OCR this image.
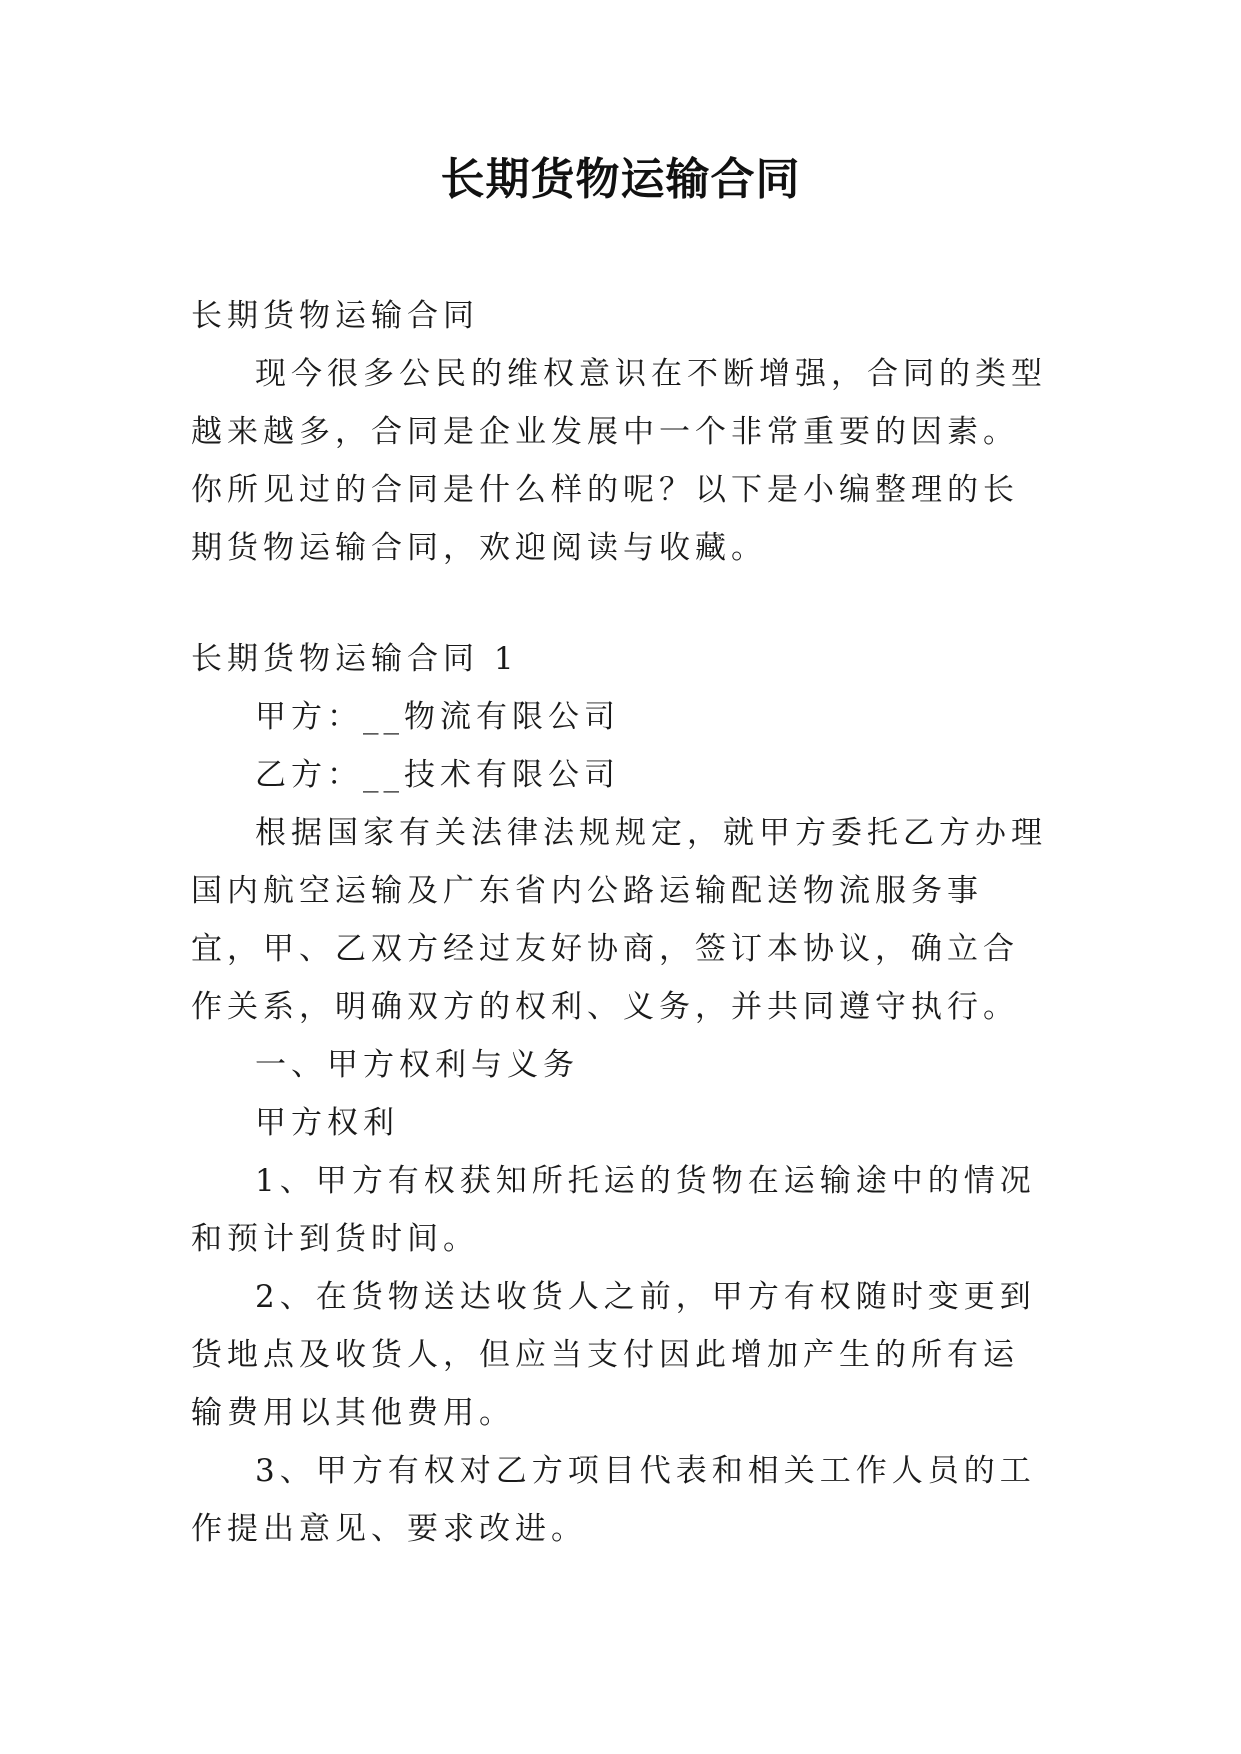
长期货物运输合同

长期货物运输合同

现今很多公民的维权意识在不断增强，合同的类型越来越多，合同是企业发展中一个非常重要的因素。你所见过的合同是什么样的呢？以下是小编整理的长期货物运输合同，欢迎阅读与收藏。

长期货物运输合同 1

甲方：__物流有限公司

乙方：__技术有限公司

根据国家有关法律法规规定，就甲方委托乙方办理国内航空运输及广东省内公路运输配送物流服务事宜，甲、乙双方经过友好协商，签订本协议，确立合作关系，明确双方的权利、义务，并共同遵守执行。

一、甲方权利与义务

甲方权利

1、甲方有权获知所托运的货物在运输途中的情况和预计到货时间。

2、在货物送达收货人之前，甲方有权随时变更到货地点及收货人，但应当支付因此增加产生的所有运输费用以其他费用。

3、甲方有权对乙方项目代表和相关工作人员的工作提出意见、要求改进。
